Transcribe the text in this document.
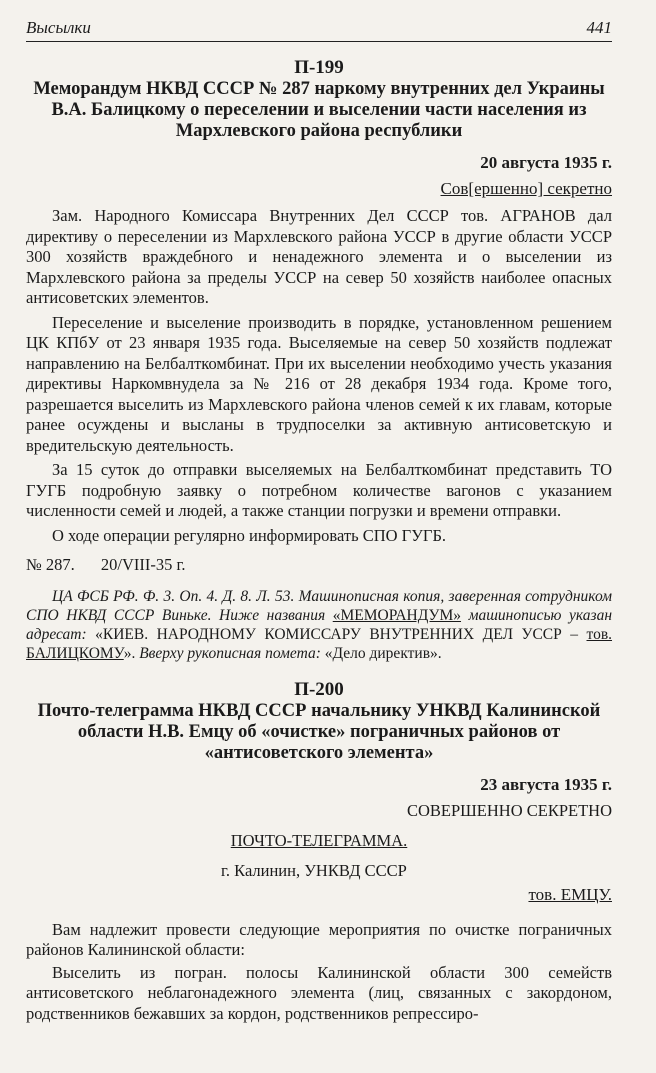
Высылки	441
П-199

Меморандум НКВД СССР № 287 наркому внутренних дел Украины В.А. Балицкому о переселении и выселении части населения из Мархлевского района республики

20 августа 1935 г.
Сов[ершенно] секретно

Зам. Народного Комиссара Внутренних Дел СССР тов. АГРАНОВ дал директиву о переселении из Мархлевского района УССР в другие области УССР 300 хозяйств враждебного и ненадежного элемента и о выселении из Мархлевского района за пределы УССР на север 50 хозяйств наиболее опасных антисоветских элементов.

Переселение и выселение производить в порядке, установленном решением ЦК КПбУ от 23 января 1935 года. Выселяемые на север 50 хозяйств подлежат направлению на Белбалткомбинат. При их выселении необходимо учесть указания директивы Наркомвнудела за № 216 от 28 декабря 1934 года. Кроме того, разрешается выселить из Мархлевского района членов семей к их главам, которые ранее осуждены и высланы в трудпоселки за активную антисоветскую и вредительскую деятельность.

За 15 суток до отправки выселяемых на Белбалткомбинат представить ТО ГУГБ подробную заявку о потребном количестве вагонов с указанием численности семей и людей, а также станции погрузки и времени отправки.

О ходе операции регулярно информировать СПО ГУГБ.

№ 287. 20/VIII-35 г.

ЦА ФСБ РФ. Ф. 3. Оп. 4. Д. 8. Л. 53. Машинописная копия, заверенная сотрудником СПО НКВД СССР Виньке. Ниже названия «МЕМОРАНДУМ» машинописью указан адресат: «КИЕВ. НАРОДНОМУ КОМИССАРУ ВНУТРЕННИХ ДЕЛ УССР – тов. БАЛИЦКОМУ». Вверху рукописная помета: «Дело директив».

П-200

Почто-телеграмма НКВД СССР начальнику УНКВД Калининской области Н.В. Емцу об «очистке» пограничных районов от «антисоветского элемента»

23 августа 1935 г.
СОВЕРШЕННО СЕКРЕТНО
ПОЧТО-ТЕЛЕГРАММА.
г. Калинин, УНКВД СССР
тов. ЕМЦУ.

Вам надлежит провести следующие мероприятия по очистке пограничных районов Калининской области:

Выселить из погран. полосы Калининской области 300 семейств антисоветского неблагонадежного элемента (лиц, связанных с закордоном, родственников бежавших за кордон, родственников репрессиро-
